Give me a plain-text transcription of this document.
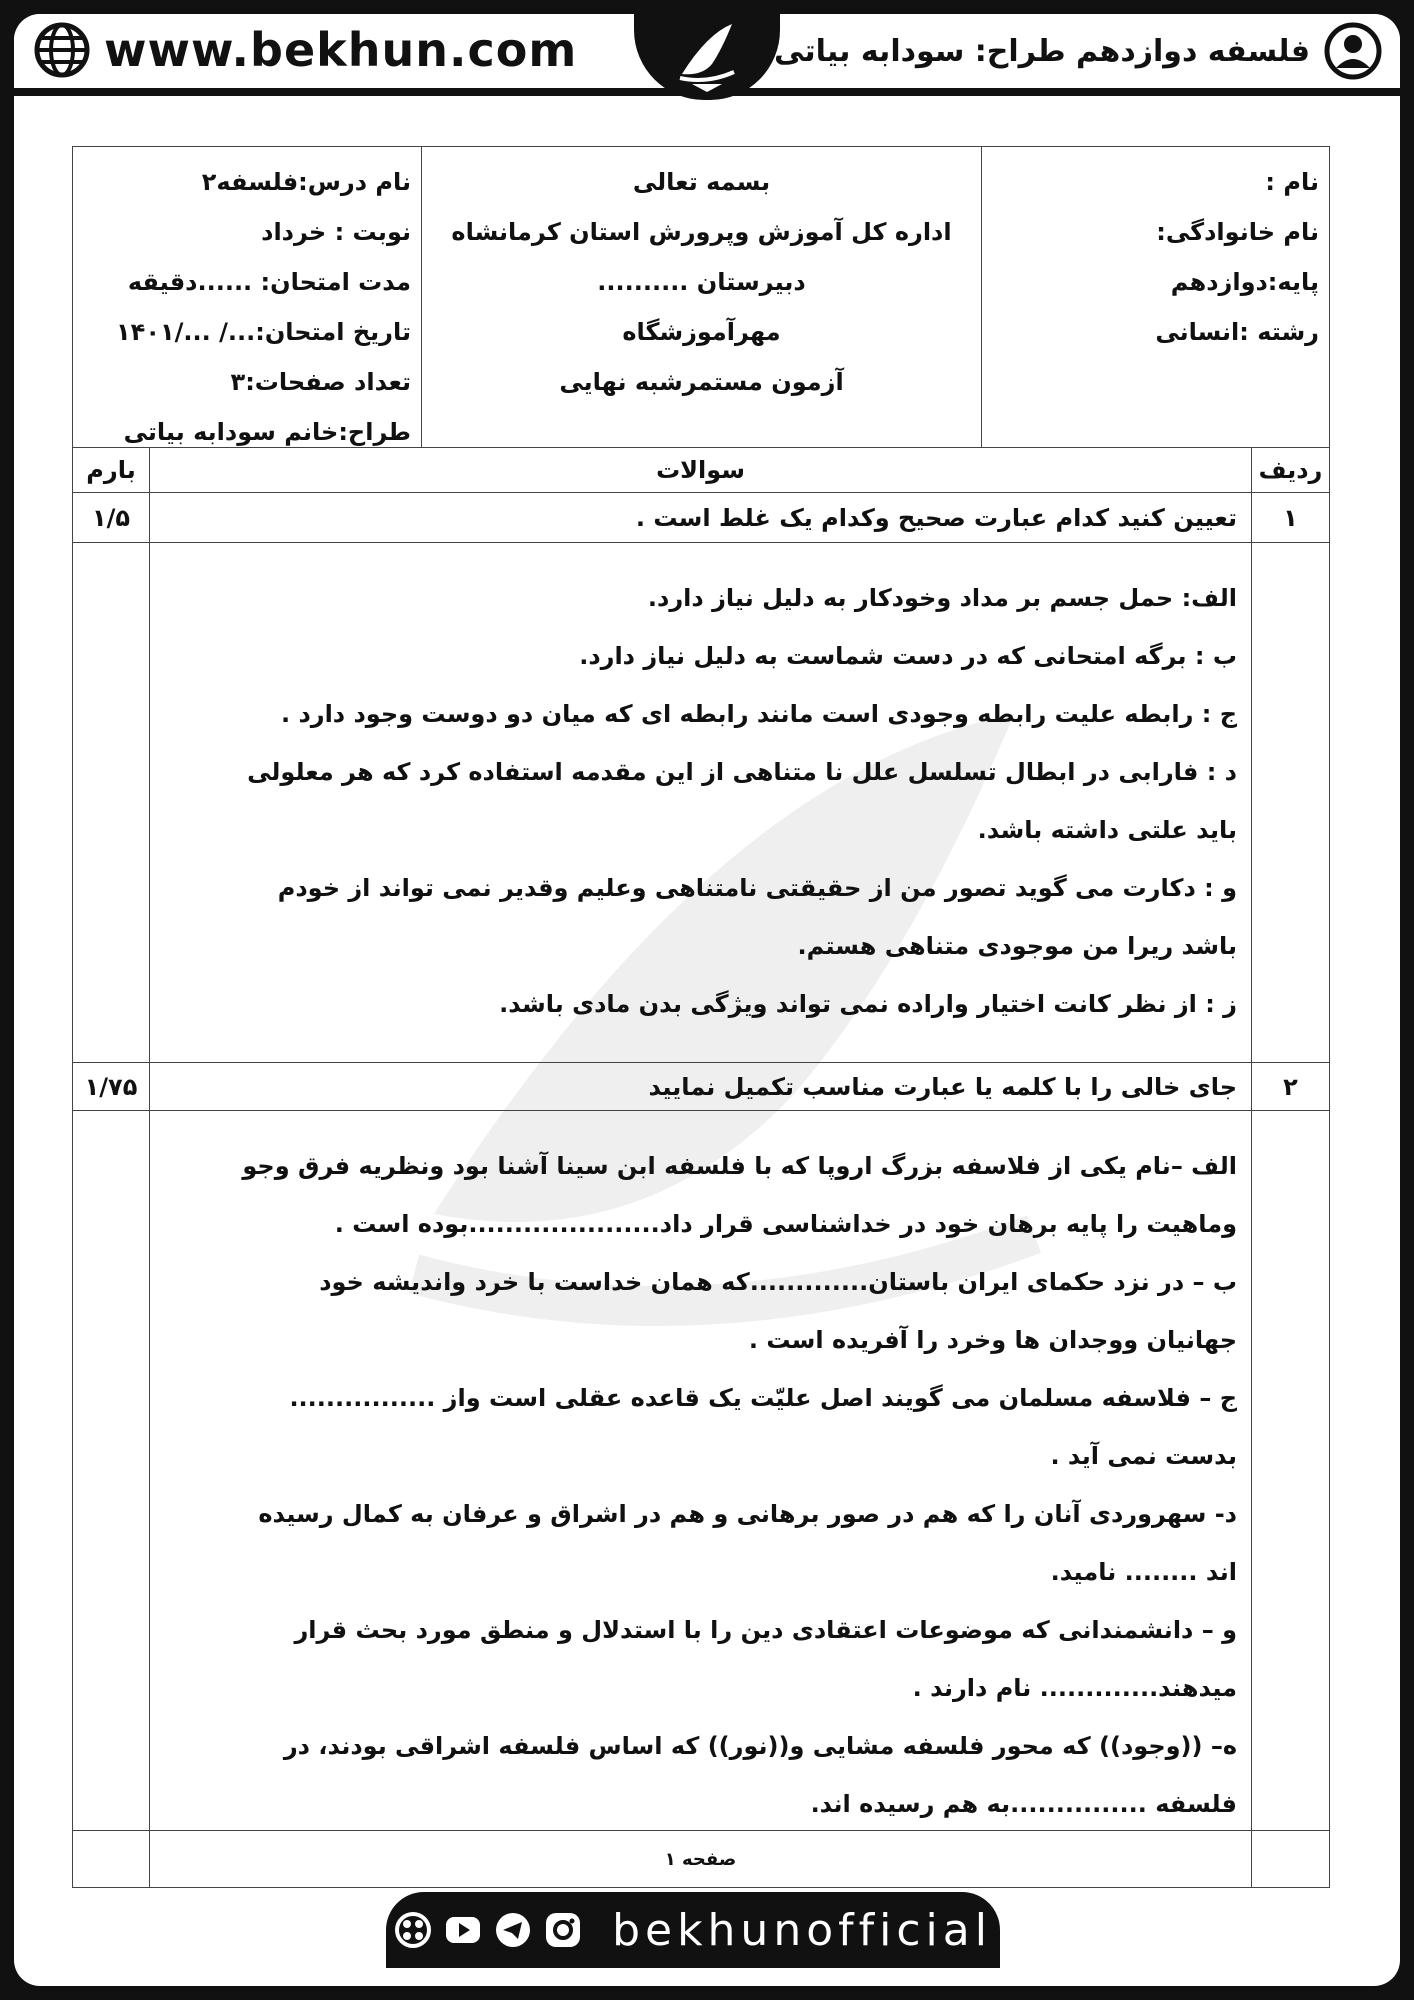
www.bekhun.com	فلسفه دوازدهم طراح: سودابه بیاتی
نام :
نام خانوادگی:
پایه:دوازدهم
رشته :انسانی
بسمه تعالی
اداره کل آموزش وپرورش استان کرمانشاه
دبیرستان ..........
مهرآموزشگاه
آزمون مستمرشبه نهایی
نام درس:فلسفه۲
نوبت : خرداد
مدت امتحان: ......دقیقه
تاریخ امتحان:.../ .../۱۴۰۱
تعداد صفحات:۳
طراح:خانم سودابه بیاتی
ردیف
سوالات
بارم
۱
تعیین کنید کدام عبارت صحیح وکدام یک غلط است .
۱/۵
الف: حمل جسم بر مداد وخودکار به دلیل نیاز دارد.
ب : برگه امتحانی که در دست شماست به دلیل نیاز دارد.
ج : رابطه علیت رابطه وجودی است مانند رابطه ای که میان دو دوست وجود دارد .
د : فارابی در ابطال تسلسل علل نا متناهی از این مقدمه استفاده کرد که هر معلولی باید علتی داشته باشد.
و : دکارت می گوید تصور من از حقیقتی نامتناهی وعلیم وقدیر نمی تواند از خودم باشد ریرا من موجودی متناهی هستم.
ز : از نظر کانت اختیار واراده نمی تواند ویژگی بدن مادی باشد.
۲
جای خالی را با کلمه یا عبارت مناسب تکمیل نمایید
۱/۷۵
الف –نام یکی از فلاسفه بزرگ اروپا که با فلسفه ابن سینا آشنا بود ونظریه فرق وجو وماهیت را پایه برهان خود در خداشناسی قرار داد.....................بوده است .
ب – در نزد حکمای ایران باستان.............که همان خداست با خرد واندیشه خود جهانیان ووجدان ها وخرد را آفریده است .
ج – فلاسفه مسلمان می گویند اصل علیّت یک قاعده عقلی است واز ................ بدست نمی آید .
د- سهروردی آنان را که هم در صور برهانی و هم در اشراق و عرفان به کمال رسیده اند ........ نامید.
و – دانشمندانی که موضوعات اعتقادی دین را با استدلال و منطق مورد بحث قرار میدهند............. نام دارند .
ه– ((وجود)) که محور فلسفه مشایی و((نور)) که اساس فلسفه اشراقی بودند، در فلسفه ...............به هم رسیده اند.
صفحه ۱
bekhunofficial
